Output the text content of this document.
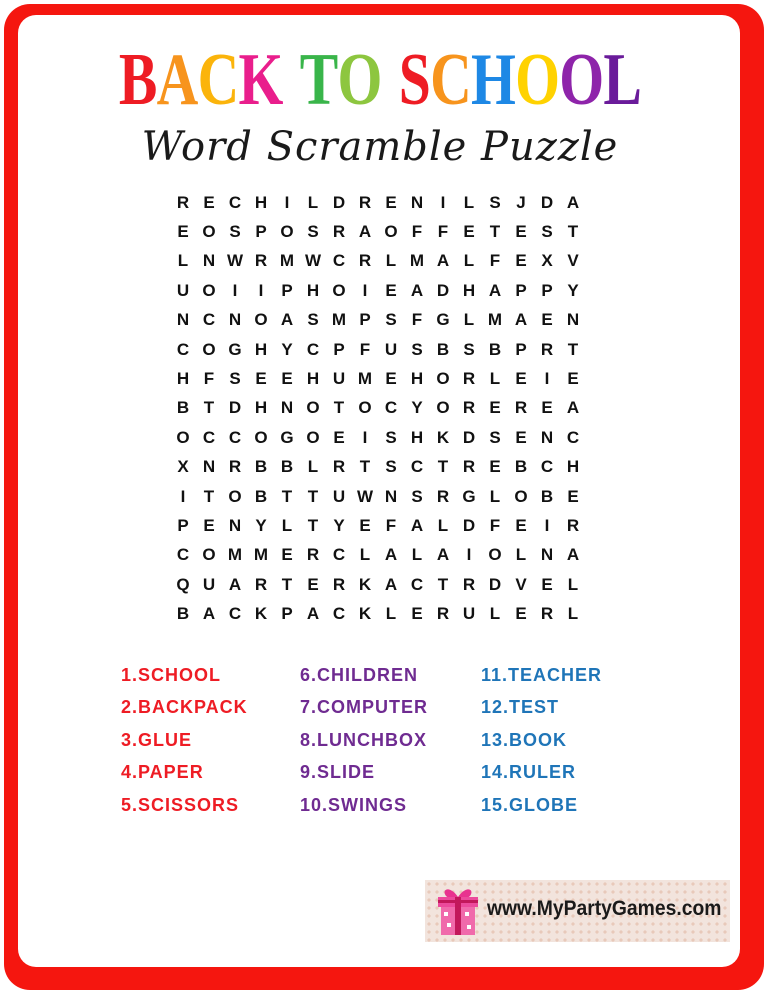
BACK TO SCHOOL
Word Scramble Puzzle
R E C H	I	L D R E N	I	L S J D A
E O S P O S R A O F F E T E S T
L N W R M W C R L M A L F E X V
U O	I	I	P H O	I	E A D H A P P Y
N C N O A S M P S F G L M A E N
C O G H Y C P F U S B S B P R T
H F S E E H U M E H O R L E	I	E
B T D H N O T O C Y O R E R E A
O C C O G O E	I	S H K D S E N C
X N R B B L R T S C T R E B C H
I	T O B T T U W N S R G L O B E
P E N Y L T Y E F A L D F E	I	R
C O M M E R C L A L A	I	O L N A
Q U A R T E R K A C T R D V E L
B A C K P A C K L E R U L E R L
1.SCHOOL
2.BACKPACK
3.GLUE
4.PAPER
5.SCISSORS
6.CHILDREN
7.COMPUTER
8.LUNCHBOX
9.SLIDE
10.SWINGS
11.TEACHER
12.TEST
13.BOOK
14.RULER
15.GLOBE
www.MyPartyGames.com
